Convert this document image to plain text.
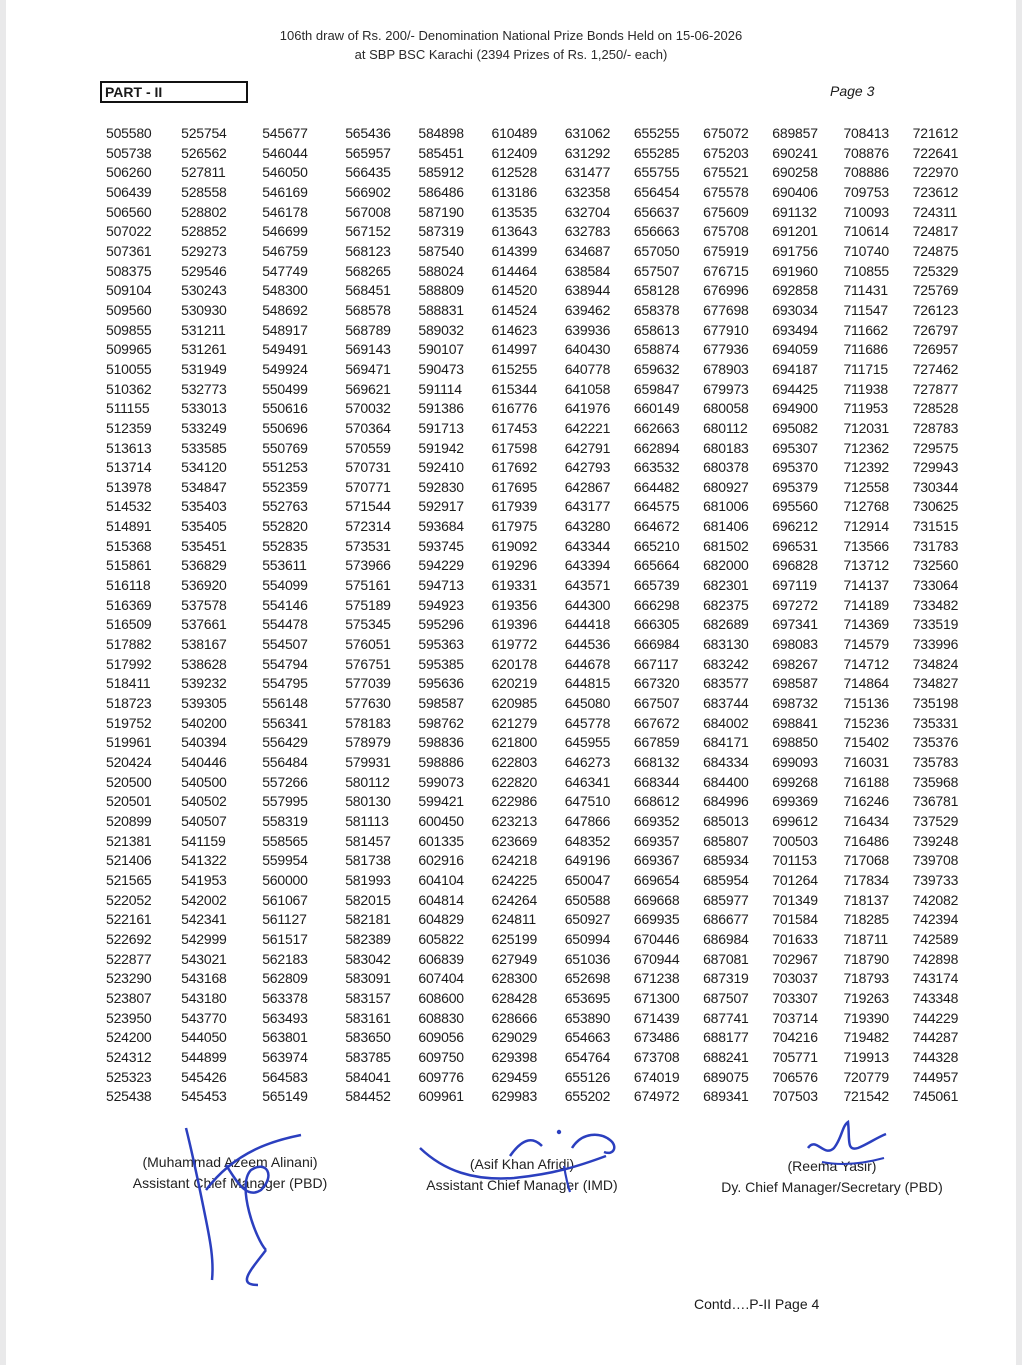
106th draw of Rs. 200/- Denomination National Prize Bonds Held on 15-06-2026
at SBP BSC Karachi (2394 Prizes of Rs. 1,250/- each)
PART - II	Page 3
505580
505738
506260
506439
506560
507022
507361
508375
509104
509560
509855
509965
510055
510362
511155
512359
513613
513714
513978
514532
514891
515368
515861
516118
516369
516509
517882
517992
518411
518723
519752
519961
520424
520500
520501
520899
521381
521406
521565
522052
522161
522692
522877
523290
523807
523950
524200
524312
525323
525438
525754
526562
527811
528558
528802
528852
529273
529546
530243
530930
531211
531261
531949
532773
533013
533249
533585
534120
534847
535403
535405
535451
536829
536920
537578
537661
538167
538628
539232
539305
540200
540394
540446
540500
540502
540507
541159
541322
541953
542002
542341
542999
543021
543168
543180
543770
544050
544899
545426
545453
545677
546044
546050
546169
546178
546699
546759
547749
548300
548692
548917
549491
549924
550499
550616
550696
550769
551253
552359
552763
552820
552835
553611
554099
554146
554478
554507
554794
554795
556148
556341
556429
556484
557266
557995
558319
558565
559954
560000
561067
561127
561517
562183
562809
563378
563493
563801
563974
564583
565149
565436
565957
566435
566902
567008
567152
568123
568265
568451
568578
568789
569143
569471
569621
570032
570364
570559
570731
570771
571544
572314
573531
573966
575161
575189
575345
576051
576751
577039
577630
578183
578979
579931
580112
580130
581113
581457
581738
581993
582015
582181
582389
583042
583091
583157
583161
583650
583785
584041
584452
584898
585451
585912
586486
587190
587319
587540
588024
588809
588831
589032
590107
590473
591114
591386
591713
591942
592410
592830
592917
593684
593745
594229
594713
594923
595296
595363
595385
595636
598587
598762
598836
598886
599073
599421
600450
601335
602916
604104
604814
604829
605822
606839
607404
608600
608830
609056
609750
609776
609961
610489
612409
612528
613186
613535
613643
614399
614464
614520
614524
614623
614997
615255
615344
616776
617453
617598
617692
617695
617939
617975
619092
619296
619331
619356
619396
619772
620178
620219
620985
621279
621800
622803
622820
622986
623213
623669
624218
624225
624264
624811
625199
627949
628300
628428
628666
629029
629398
629459
629983
631062
631292
631477
632358
632704
632783
634687
638584
638944
639462
639936
640430
640778
641058
641976
642221
642791
642793
642867
643177
643280
643344
643394
643571
644300
644418
644536
644678
644815
645080
645778
645955
646273
646341
647510
647866
648352
649196
650047
650588
650927
650994
651036
652698
653695
653890
654663
654764
655126
655202
655255
655285
655755
656454
656637
656663
657050
657507
658128
658378
658613
658874
659632
659847
660149
662663
662894
663532
664482
664575
664672
665210
665664
665739
666298
666305
666984
667117
667320
667507
667672
667859
668132
668344
668612
669352
669357
669367
669654
669668
669935
670446
670944
671238
671300
671439
673486
673708
674019
674972
675072
675203
675521
675578
675609
675708
675919
676715
676996
677698
677910
677936
678903
679973
680058
680112
680183
680378
680927
681006
681406
681502
682000
682301
682375
682689
683130
683242
683577
683744
684002
684171
684334
684400
684996
685013
685807
685934
685954
685977
686677
686984
687081
687319
687507
687741
688177
688241
689075
689341
689857
690241
690258
690406
691132
691201
691756
691960
692858
693034
693494
694059
694187
694425
694900
695082
695307
695370
695379
695560
696212
696531
696828
697119
697272
697341
698083
698267
698587
698732
698841
698850
699093
699268
699369
699612
700503
701153
701264
701349
701584
701633
702967
703037
703307
703714
704216
705771
706576
707503
708413
708876
708886
709753
710093
710614
710740
710855
711431
711547
711662
711686
711715
711938
711953
712031
712362
712392
712558
712768
712914
713566
713712
714137
714189
714369
714579
714712
714864
715136
715236
715402
716031
716188
716246
716434
716486
717068
717834
718137
718285
718711
718790
718793
719263
719390
719482
719913
720779
721542
721612
722641
722970
723612
724311
724817
724875
725329
725769
726123
726797
726957
727462
727877
728528
728783
729575
729943
730344
730625
731515
731783
732560
733064
733482
733519
733996
734824
734827
735198
735331
735376
735783
735968
736781
737529
739248
739708
739733
742082
742394
742589
742898
743174
743348
744229
744287
744328
744957
745061
(Muhammad Azeem Alinani)
Assistant Chief Manager (PBD)
(Asif Khan Afridi)
Assistant Chief Manager (IMD)
(Reema Yasir)
Dy. Chief Manager/Secretary (PBD)
Contd….P-II Page 4
